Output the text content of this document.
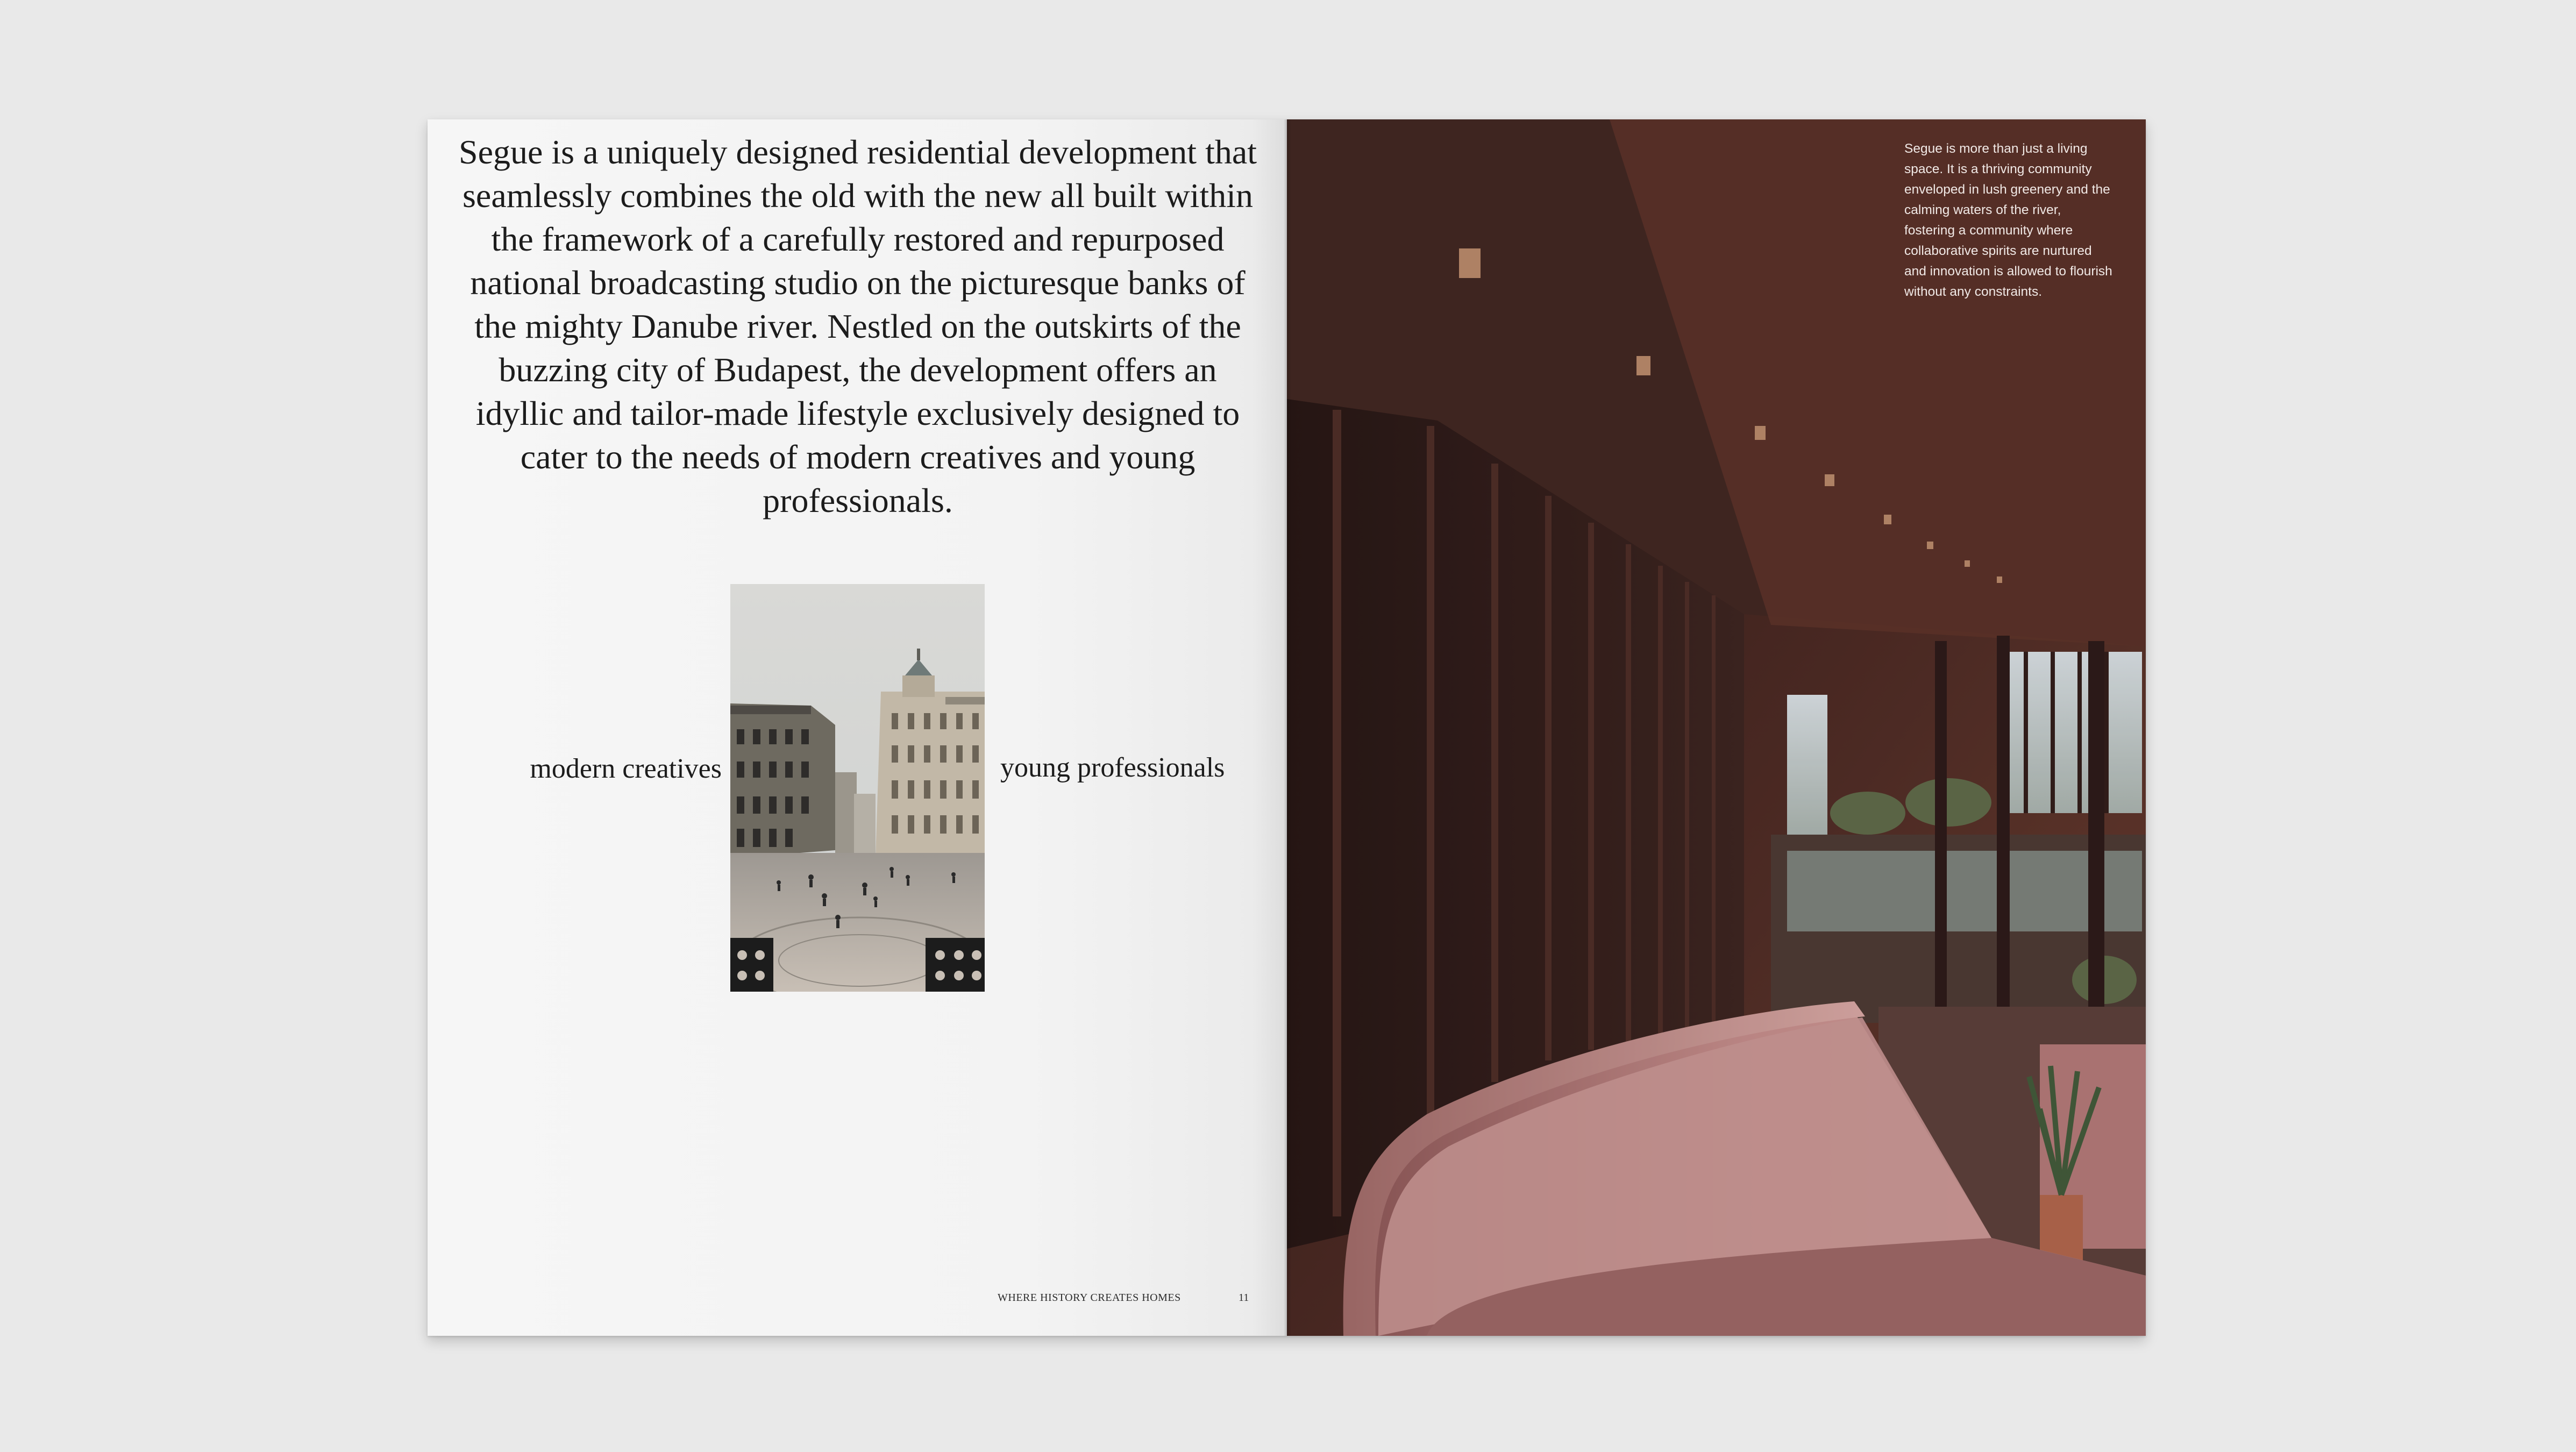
Segue is a uniquely designed residential development that seamlessly combines the old with the new all built within the framework of a carefully restored and repurposed national broadcasting studio on the picturesque banks of the mighty Danube river. Nestled on the outskirts of the buzzing city of Budapest, the development offers an idyllic and tailor-made lifestyle exclusively designed to cater to the needs of modern creatives and young professionals.

modern creatives	young professionals
WHERE HISTORY CREATES HOMES	11

Segue is more than just a living space. It is a thriving community enveloped in lush greenery and the calming waters of the river, fostering a community where collaborative spirits are nurtured and innovation is allowed to flourish without any constraints.
